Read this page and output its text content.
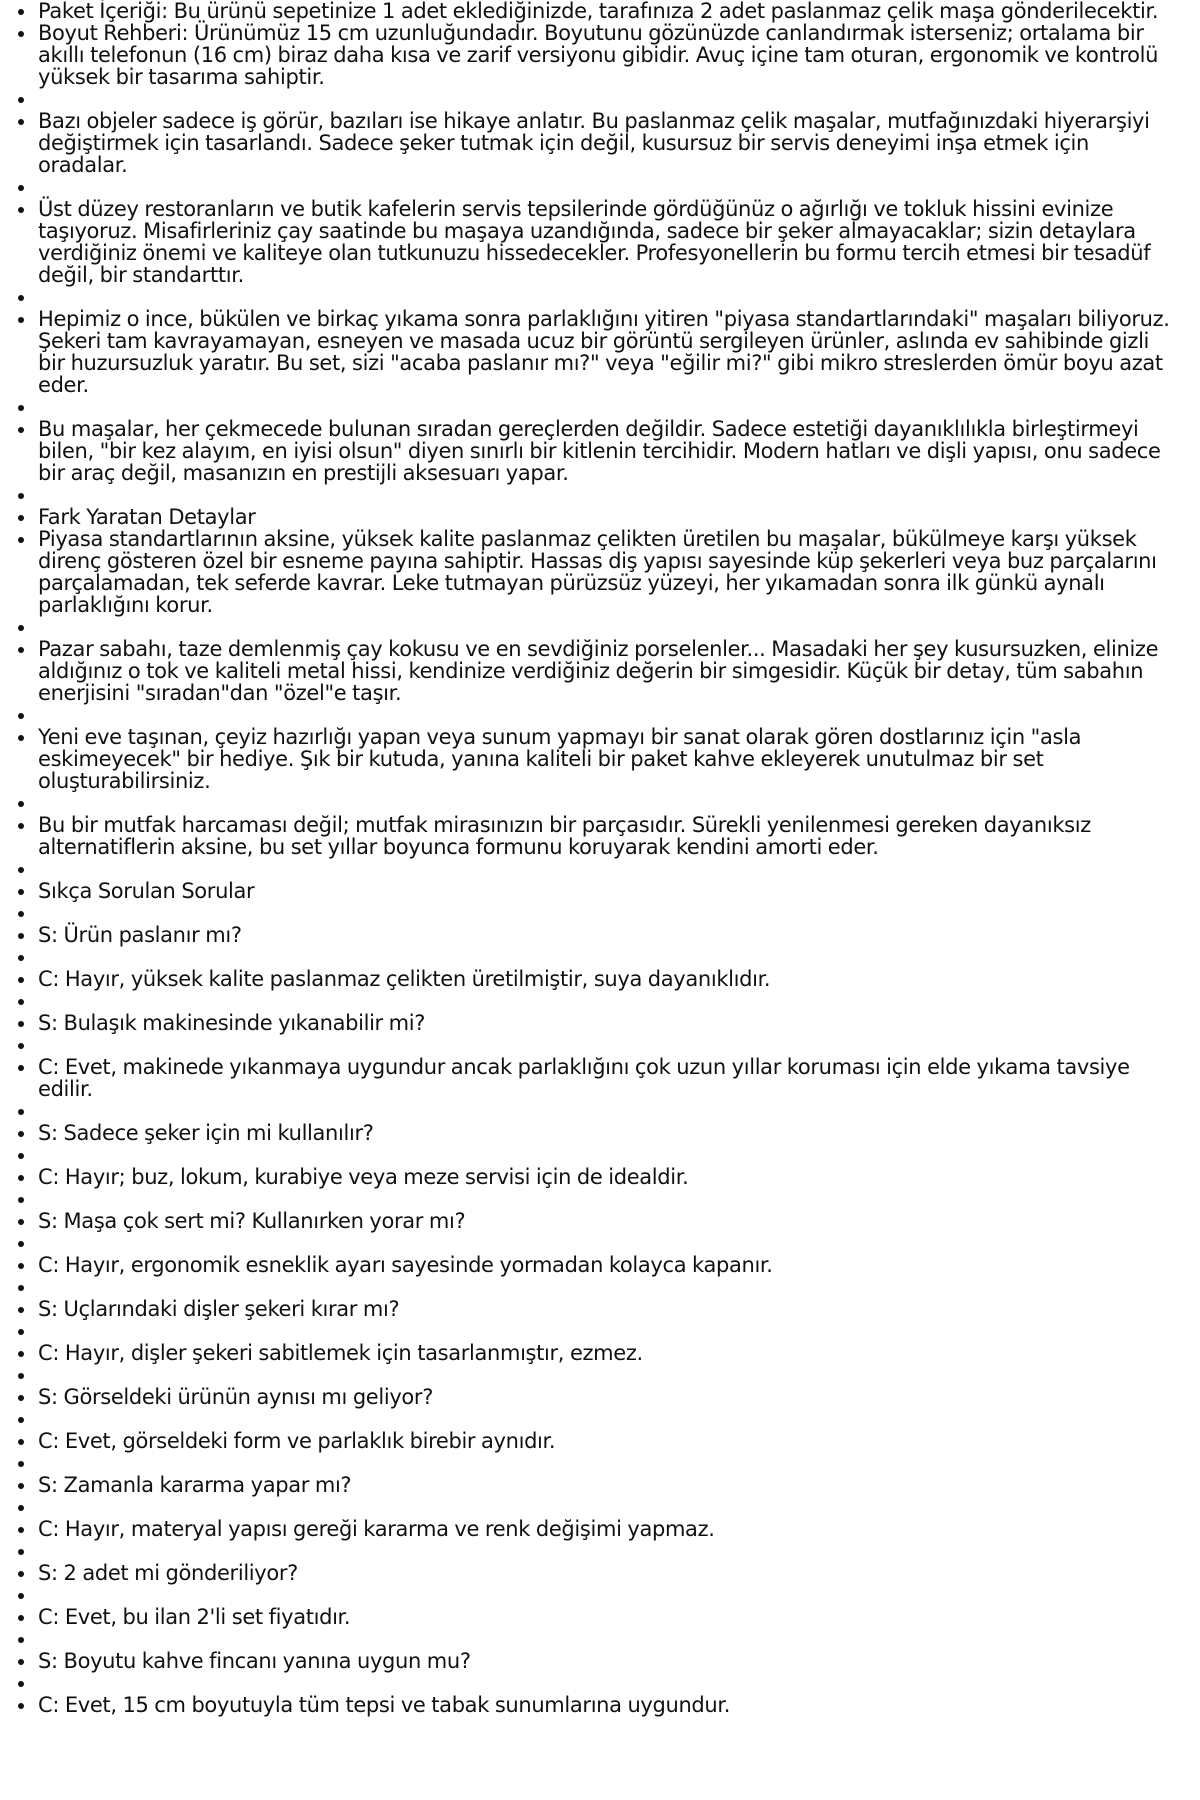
Paket İçeriği: Bu ürünü sepetinize 1 adet eklediğinizde, tarafınıza 2 adet paslanmaz çelik maşa gönderilecektir.
Boyut Rehberi: Ürünümüz 15 cm uzunluğundadır. Boyutunu gözünüzde canlandırmak isterseniz; ortalama bir akıllı telefonun (16 cm) biraz daha kısa ve zarif versiyonu gibidir. Avuç içine tam oturan, ergonomik ve kontrolü yüksek bir tasarıma sahiptir.
Bazı objeler sadece iş görür, bazıları ise hikaye anlatır. Bu paslanmaz çelik maşalar, mutfağınızdaki hiyerarşiyi değiştirmek için tasarlandı. Sadece şeker tutmak için değil, kusursuz bir servis deneyimi inşa etmek için oradalar.
Üst düzey restoranların ve butik kafelerin servis tepsilerinde gördüğünüz o ağırlığı ve tokluk hissini evinize taşıyoruz. Misafirleriniz çay saatinde bu maşaya uzandığında, sadece bir şeker almayacaklar; sizin detaylara verdiğiniz önemi ve kaliteye olan tutkunuzu hissedecekler. Profesyonellerin bu formu tercih etmesi bir tesadüf değil, bir standarttır.
Hepimiz o ince, bükülen ve birkaç yıkama sonra parlaklığını yitiren "piyasa standartlarındaki" maşaları biliyoruz. Şekeri tam kavrayamayan, esneyen ve masada ucuz bir görüntü sergileyen ürünler, aslında ev sahibinde gizli bir huzursuzluk yaratır. Bu set, sizi "acaba paslanır mı?" veya "eğilir mi?" gibi mikro streslerden ömür boyu azat eder.
Bu maşalar, her çekmecede bulunan sıradan gereçlerden değildir. Sadece estetiği dayanıklılıkla birleştirmeyi bilen, "bir kez alayım, en iyisi olsun" diyen sınırlı bir kitlenin tercihidir. Modern hatları ve dişli yapısı, onu sadece bir araç değil, masanızın en prestijli aksesuarı yapar.
Fark Yaratan Detaylar
Piyasa standartlarının aksine, yüksek kalite paslanmaz çelikten üretilen bu maşalar, bükülmeye karşı yüksek direnç gösteren özel bir esneme payına sahiptir. Hassas diş yapısı sayesinde küp şekerleri veya buz parçalarını parçalamadan, tek seferde kavrar. Leke tutmayan pürüzsüz yüzeyi, her yıkamadan sonra ilk günkü aynalı parlaklığını korur.
Pazar sabahı, taze demlenmiş çay kokusu ve en sevdiğiniz porselenler... Masadaki her şey kusursuzken, elinize aldığınız o tok ve kaliteli metal hissi, kendinize verdiğiniz değerin bir simgesidir. Küçük bir detay, tüm sabahın enerjisini "sıradan"dan "özel"e taşır.
Yeni eve taşınan, çeyiz hazırlığı yapan veya sunum yapmayı bir sanat olarak gören dostlarınız için "asla eskimeyecek" bir hediye. Şık bir kutuda, yanına kaliteli bir paket kahve ekleyerek unutulmaz bir set oluşturabilirsiniz.
Bu bir mutfak harcaması değil; mutfak mirasınızın bir parçasıdır. Sürekli yenilenmesi gereken dayanıksız alternatiflerin aksine, bu set yıllar boyunca formunu koruyarak kendini amorti eder.
Sıkça Sorulan Sorular
S: Ürün paslanır mı?
C: Hayır, yüksek kalite paslanmaz çelikten üretilmiştir, suya dayanıklıdır.
S: Bulaşık makinesinde yıkanabilir mi?
C: Evet, makinede yıkanmaya uygundur ancak parlaklığını çok uzun yıllar koruması için elde yıkama tavsiye edilir.
S: Sadece şeker için mi kullanılır?
C: Hayır; buz, lokum, kurabiye veya meze servisi için de idealdir.
S: Maşa çok sert mi? Kullanırken yorar mı?
C: Hayır, ergonomik esneklik ayarı sayesinde yormadan kolayca kapanır.
S: Uçlarındaki dişler şekeri kırar mı?
C: Hayır, dişler şekeri sabitlemek için tasarlanmıştır, ezmez.
S: Görseldeki ürünün aynısı mı geliyor?
C: Evet, görseldeki form ve parlaklık birebir aynıdır.
S: Zamanla kararma yapar mı?
C: Hayır, materyal yapısı gereği kararma ve renk değişimi yapmaz.
S: 2 adet mi gönderiliyor?
C: Evet, bu ilan 2'li set fiyatıdır.
S: Boyutu kahve fincanı yanına uygun mu?
C: Evet, 15 cm boyutuyla tüm tepsi ve tabak sunumlarına uygundur.
